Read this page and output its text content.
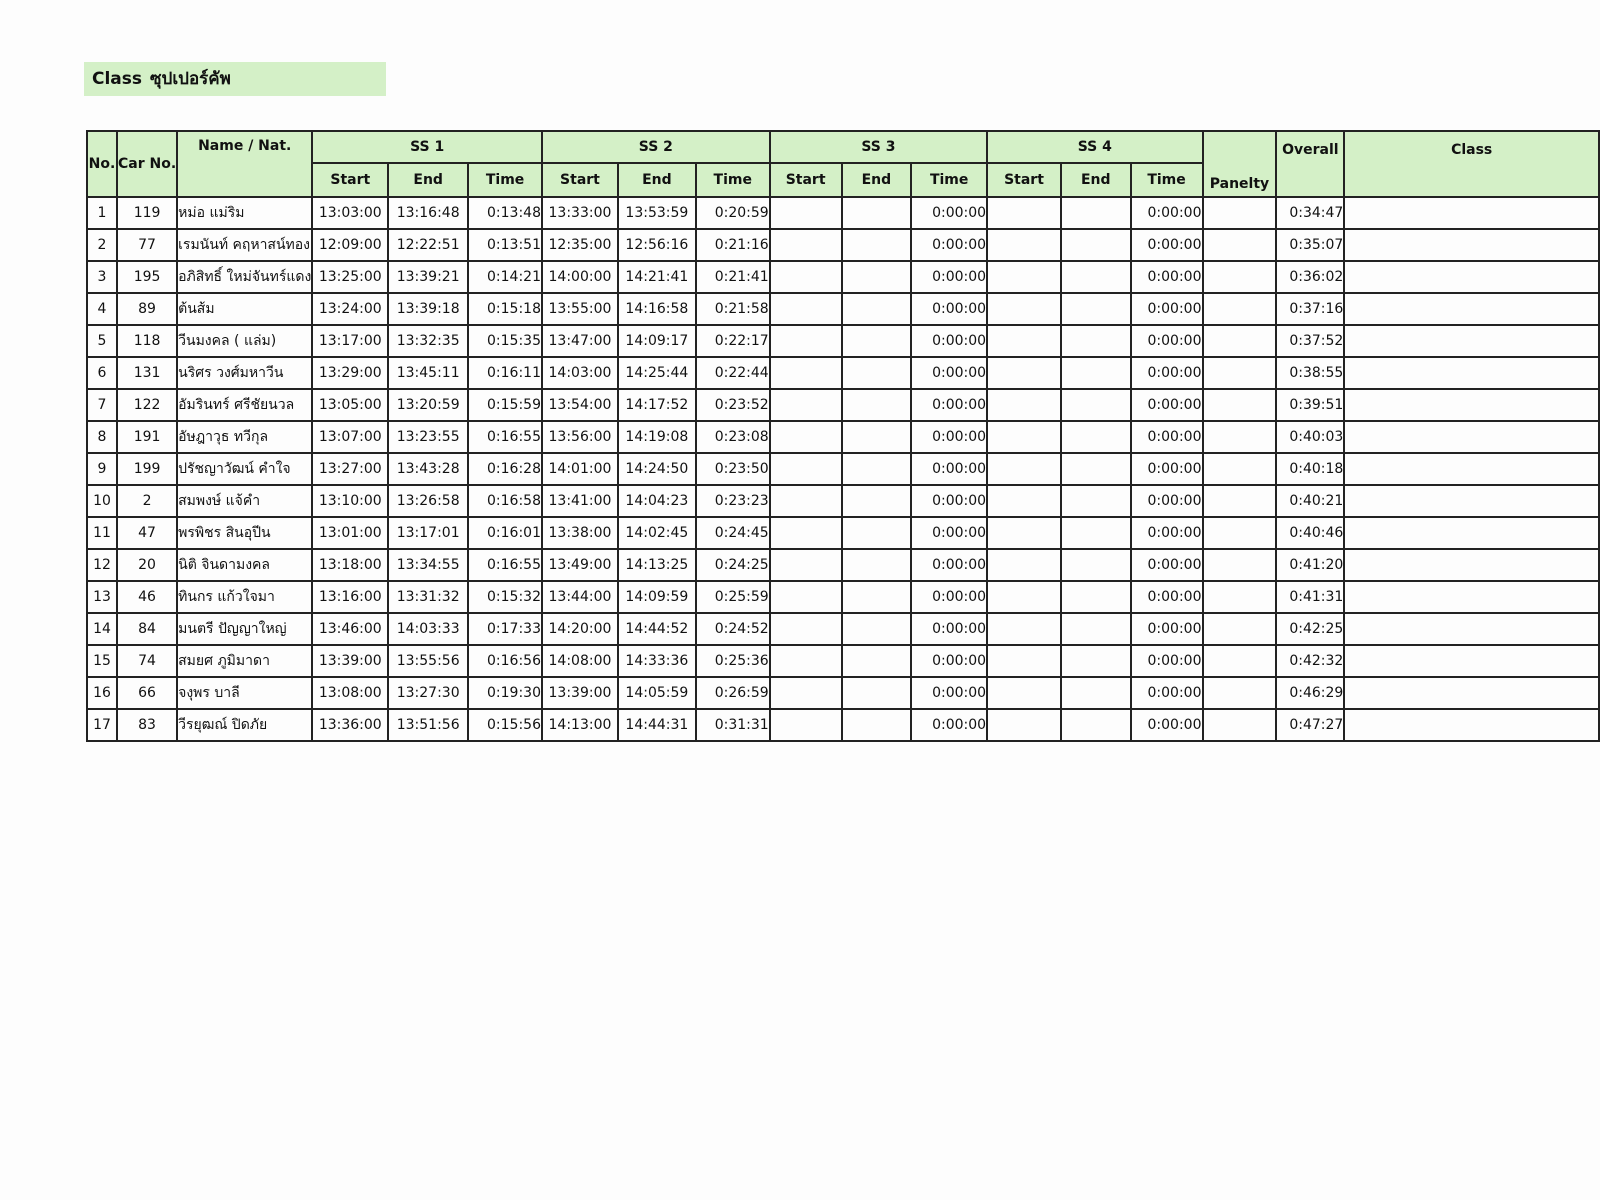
Class ซุปเปอร์คัพ
No.	Car No.	Name / Nat.	SS 1			SS 2			SS 3			SS 4			Panelty	Overall	Class
			Start	End	Time	Start	End	Time	Start	End	Time	Start	End	Time			
1	119	หม่อ แม่ริม	13:03:00	13:16:48	0:13:48	13:33:00	13:53:59	0:20:59			0:00:00			0:00:00		0:34:47	
2	77	เรมนันท์ คฤหาสน์ทอง	12:09:00	12:22:51	0:13:51	12:35:00	12:56:16	0:21:16			0:00:00			0:00:00		0:35:07	
3	195	อภิสิทธิ์ ใหม่จันทร์แดง	13:25:00	13:39:21	0:14:21	14:00:00	14:21:41	0:21:41			0:00:00			0:00:00		0:36:02	
4	89	ต้นส้ม	13:24:00	13:39:18	0:15:18	13:55:00	14:16:58	0:21:58			0:00:00			0:00:00		0:37:16	
5	118	วีนมงคล ( แล่ม)	13:17:00	13:32:35	0:15:35	13:47:00	14:09:17	0:22:17			0:00:00			0:00:00		0:37:52	
6	131	นริศร วงศ์มหาวีน	13:29:00	13:45:11	0:16:11	14:03:00	14:25:44	0:22:44			0:00:00			0:00:00		0:38:55	
7	122	อัมรินทร์ ศรีชัยนวล	13:05:00	13:20:59	0:15:59	13:54:00	14:17:52	0:23:52			0:00:00			0:00:00		0:39:51	
8	191	อัษฎาวุธ ทวีกุล	13:07:00	13:23:55	0:16:55	13:56:00	14:19:08	0:23:08			0:00:00			0:00:00		0:40:03	
9	199	ปรัชญาวัฒน์ คำใจ	13:27:00	13:43:28	0:16:28	14:01:00	14:24:50	0:23:50			0:00:00			0:00:00		0:40:18	
10	2	สมพงษ์ แจ้คำ	13:10:00	13:26:58	0:16:58	13:41:00	14:04:23	0:23:23			0:00:00			0:00:00		0:40:21	
11	47	พรพิชร สินอุปีน	13:01:00	13:17:01	0:16:01	13:38:00	14:02:45	0:24:45			0:00:00			0:00:00		0:40:46	
12	20	นิติ จินดามงคล	13:18:00	13:34:55	0:16:55	13:49:00	14:13:25	0:24:25			0:00:00			0:00:00		0:41:20	
13	46	ทินกร แก้วใจมา	13:16:00	13:31:32	0:15:32	13:44:00	14:09:59	0:25:59			0:00:00			0:00:00		0:41:31	
14	84	มนตรี ปัญญาใหญ่	13:46:00	14:03:33	0:17:33	14:20:00	14:44:52	0:24:52			0:00:00			0:00:00		0:42:25	
15	74	สมยศ ภูมิมาดา	13:39:00	13:55:56	0:16:56	14:08:00	14:33:36	0:25:36			0:00:00			0:00:00		0:42:32	
16	66	จงุพร บาลี	13:08:00	13:27:30	0:19:30	13:39:00	14:05:59	0:26:59			0:00:00			0:00:00		0:46:29	
17	83	วีรยุฒณ์ ปิดภัย	13:36:00	13:51:56	0:15:56	14:13:00	14:44:31	0:31:31			0:00:00			0:00:00		0:47:27	
